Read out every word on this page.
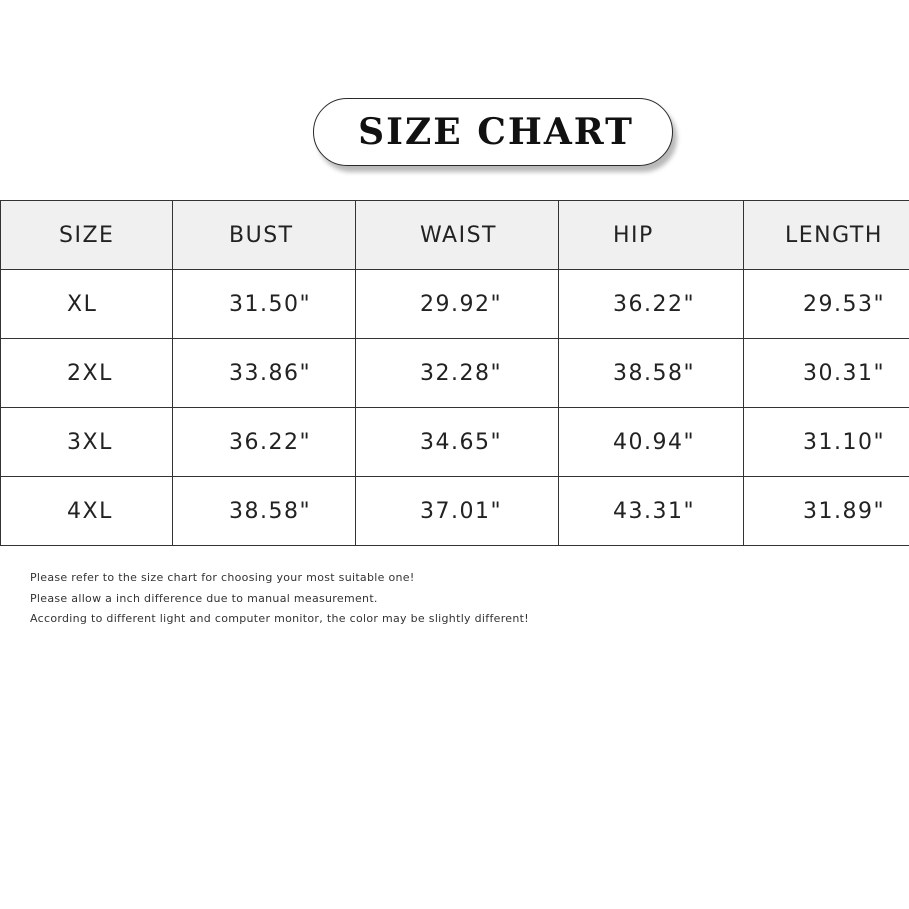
SIZE CHART
SIZE	BUST	WAIST	HIP	LENGTH
XL	31.50"	29.92"	36.22"	29.53"
2XL	33.86"	32.28"	38.58"	30.31"
3XL	36.22"	34.65"	40.94"	31.10"
4XL	38.58"	37.01"	43.31"	31.89"
Please refer to the size chart for choosing your most suitable one!
Please allow a inch difference due to manual measurement.
According to different light and computer monitor, the color may be slightly different!
